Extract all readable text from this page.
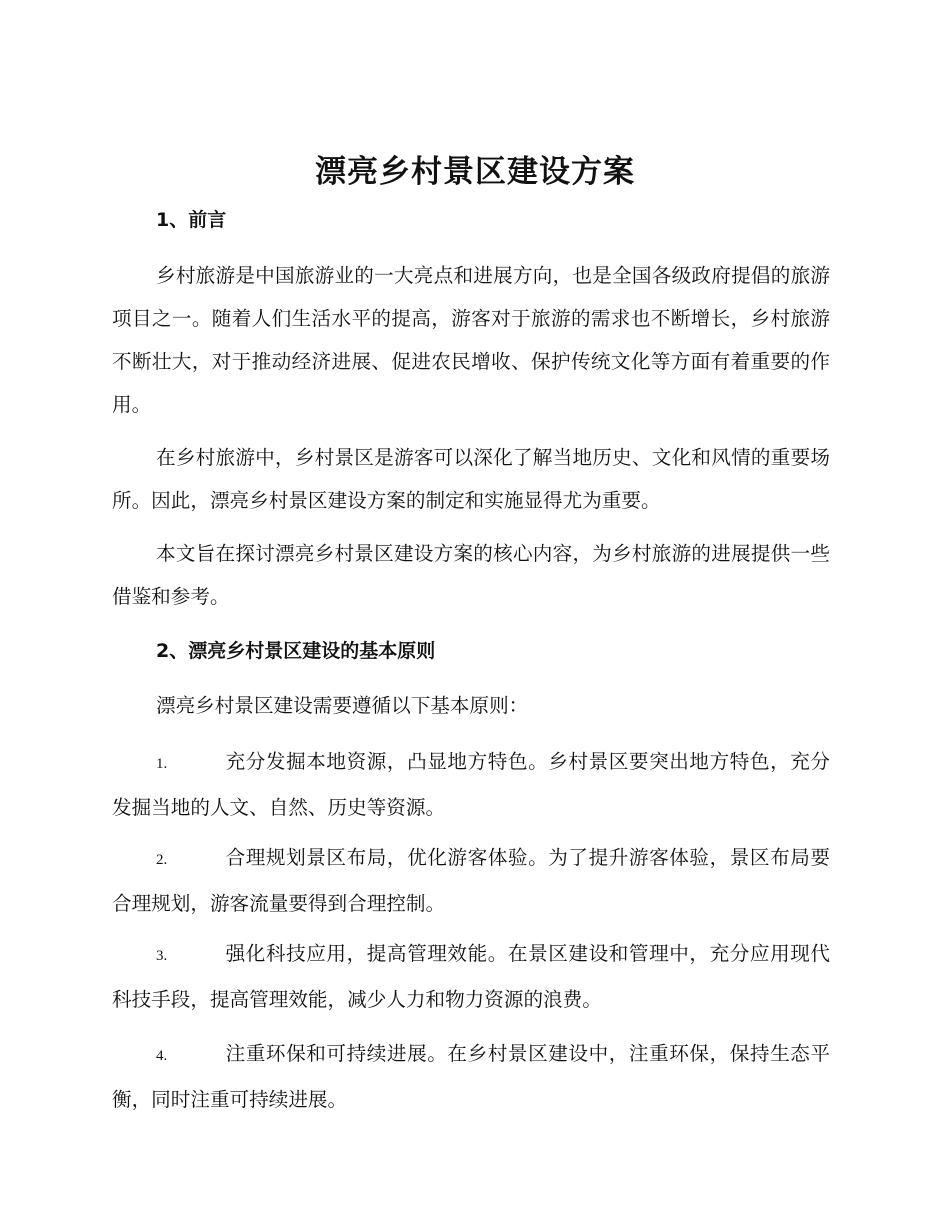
漂亮乡村景区建设方案
1、前言

乡村旅游是中国旅游业的一大亮点和进展方向，也是全国各级政府提倡的旅游项目之一。随着人们生活水平的提高，游客对于旅游的需求也不断增长，乡村旅游不断壮大，对于推动经济进展、促进农民增收、保护传统文化等方面有着重要的作用。

在乡村旅游中，乡村景区是游客可以深化了解当地历史、文化和风情的重要场所。因此，漂亮乡村景区建设方案的制定和实施显得尤为重要。

本文旨在探讨漂亮乡村景区建设方案的核心内容，为乡村旅游的进展提供一些借鉴和参考。

2、漂亮乡村景区建设的基本原则

漂亮乡村景区建设需要遵循以下基本原则：

1.	充分发掘本地资源，凸显地方特色。乡村景区要突出地方特色，充分发掘当地的人文、自然、历史等资源。

2.	合理规划景区布局，优化游客体验。为了提升游客体验，景区布局要合理规划，游客流量要得到合理控制。

3.	强化科技应用，提高管理效能。在景区建设和管理中，充分应用现代科技手段，提高管理效能，减少人力和物力资源的浪费。

4.	注重环保和可持续进展。在乡村景区建设中，注重环保，保持生态平衡，同时注重可持续进展。
